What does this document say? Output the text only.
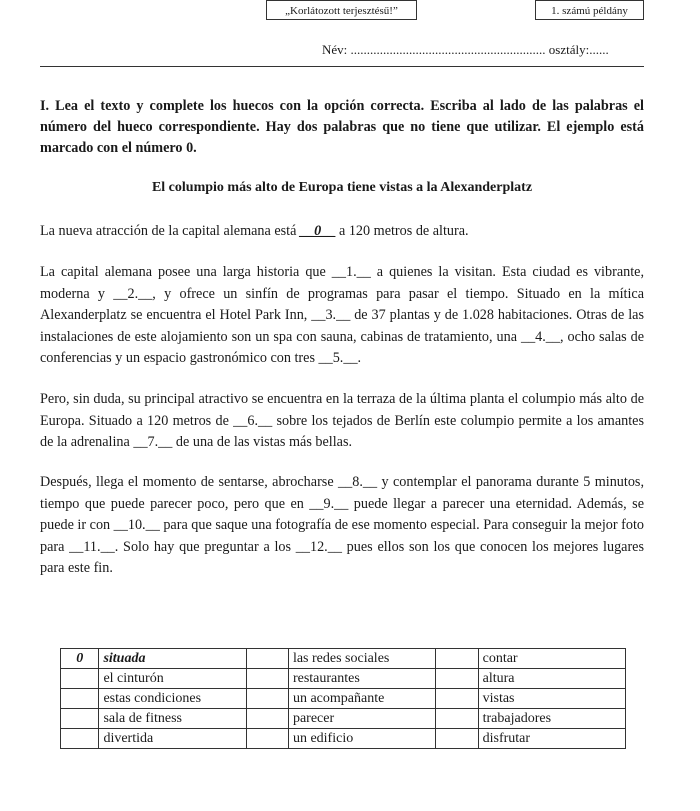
„Korlátozott terjesztésű!”	1. számú példány
Név: ............................................................ osztály:......
I. Lea el texto y complete los huecos con la opción correcta. Escriba al lado de las palabras el número del hueco correspondiente. Hay dos palabras que no tiene que utilizar. El ejemplo está marcado con el número 0.
El columpio más alto de Europa tiene vistas a la Alexanderplatz

La nueva atracción de la capital alemana está __0__ a 120 metros de altura.

La capital alemana posee una larga historia que __1.__ a quienes la visitan. Esta ciudad es vibrante, moderna y __2.__, y ofrece un sinfín de programas para pasar el tiempo. Situado en la mítica Alexanderplatz se encuentra el Hotel Park Inn, __3.__ de 37 plantas y de 1.028 habitaciones. Otras de las instalaciones de este alojamiento son un spa con sauna, cabinas de tratamiento, una __4.__, ocho salas de conferencias y un espacio gastronómico con tres __5.__.

Pero, sin duda, su principal atractivo se encuentra en la terraza de la última planta el columpio más alto de Europa. Situado a 120 metros de __6.__ sobre los tejados de Berlín este columpio permite a los amantes de la adrenalina __7.__ de una de las vistas más bellas.

Después, llega el momento de sentarse, abrocharse __8.__ y contemplar el panorama durante 5 minutos, tiempo que puede parecer poco, pero que en __9.__ puede llegar a parecer una eternidad. Además, se puede ir con __10.__ para que saque una fotografía de ese momento especial. Para conseguir la mejor foto para __11.__. Solo hay que preguntar a los __12.__ pues ellos son los que conocen los mejores lugares para este fin.

0	situada		las redes sociales		contar
	el cinturón		restaurantes		altura
	estas condiciones		un acompañante		vistas
	sala de fitness		parecer		trabajadores
	divertida		un edificio		disfrutar
